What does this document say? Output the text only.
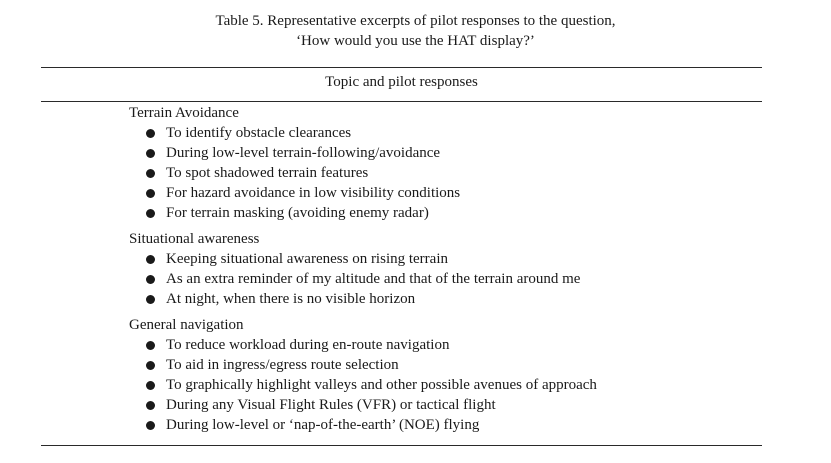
Table 5. Representative excerpts of pilot responses to the question,
‘How would you use the HAT display?’
Topic and pilot responses
Terrain Avoidance
To identify obstacle clearances
During low-level terrain-following/avoidance
To spot shadowed terrain features
For hazard avoidance in low visibility conditions
For terrain masking (avoiding enemy radar)
Situational awareness
Keeping situational awareness on rising terrain
As an extra reminder of my altitude and that of the terrain around me
At night, when there is no visible horizon
General navigation
To reduce workload during en-route navigation
To aid in ingress/egress route selection
To graphically highlight valleys and other possible avenues of approach
During any Visual Flight Rules (VFR) or tactical flight
During low-level or ‘nap-of-the-earth’ (NOE) flying
